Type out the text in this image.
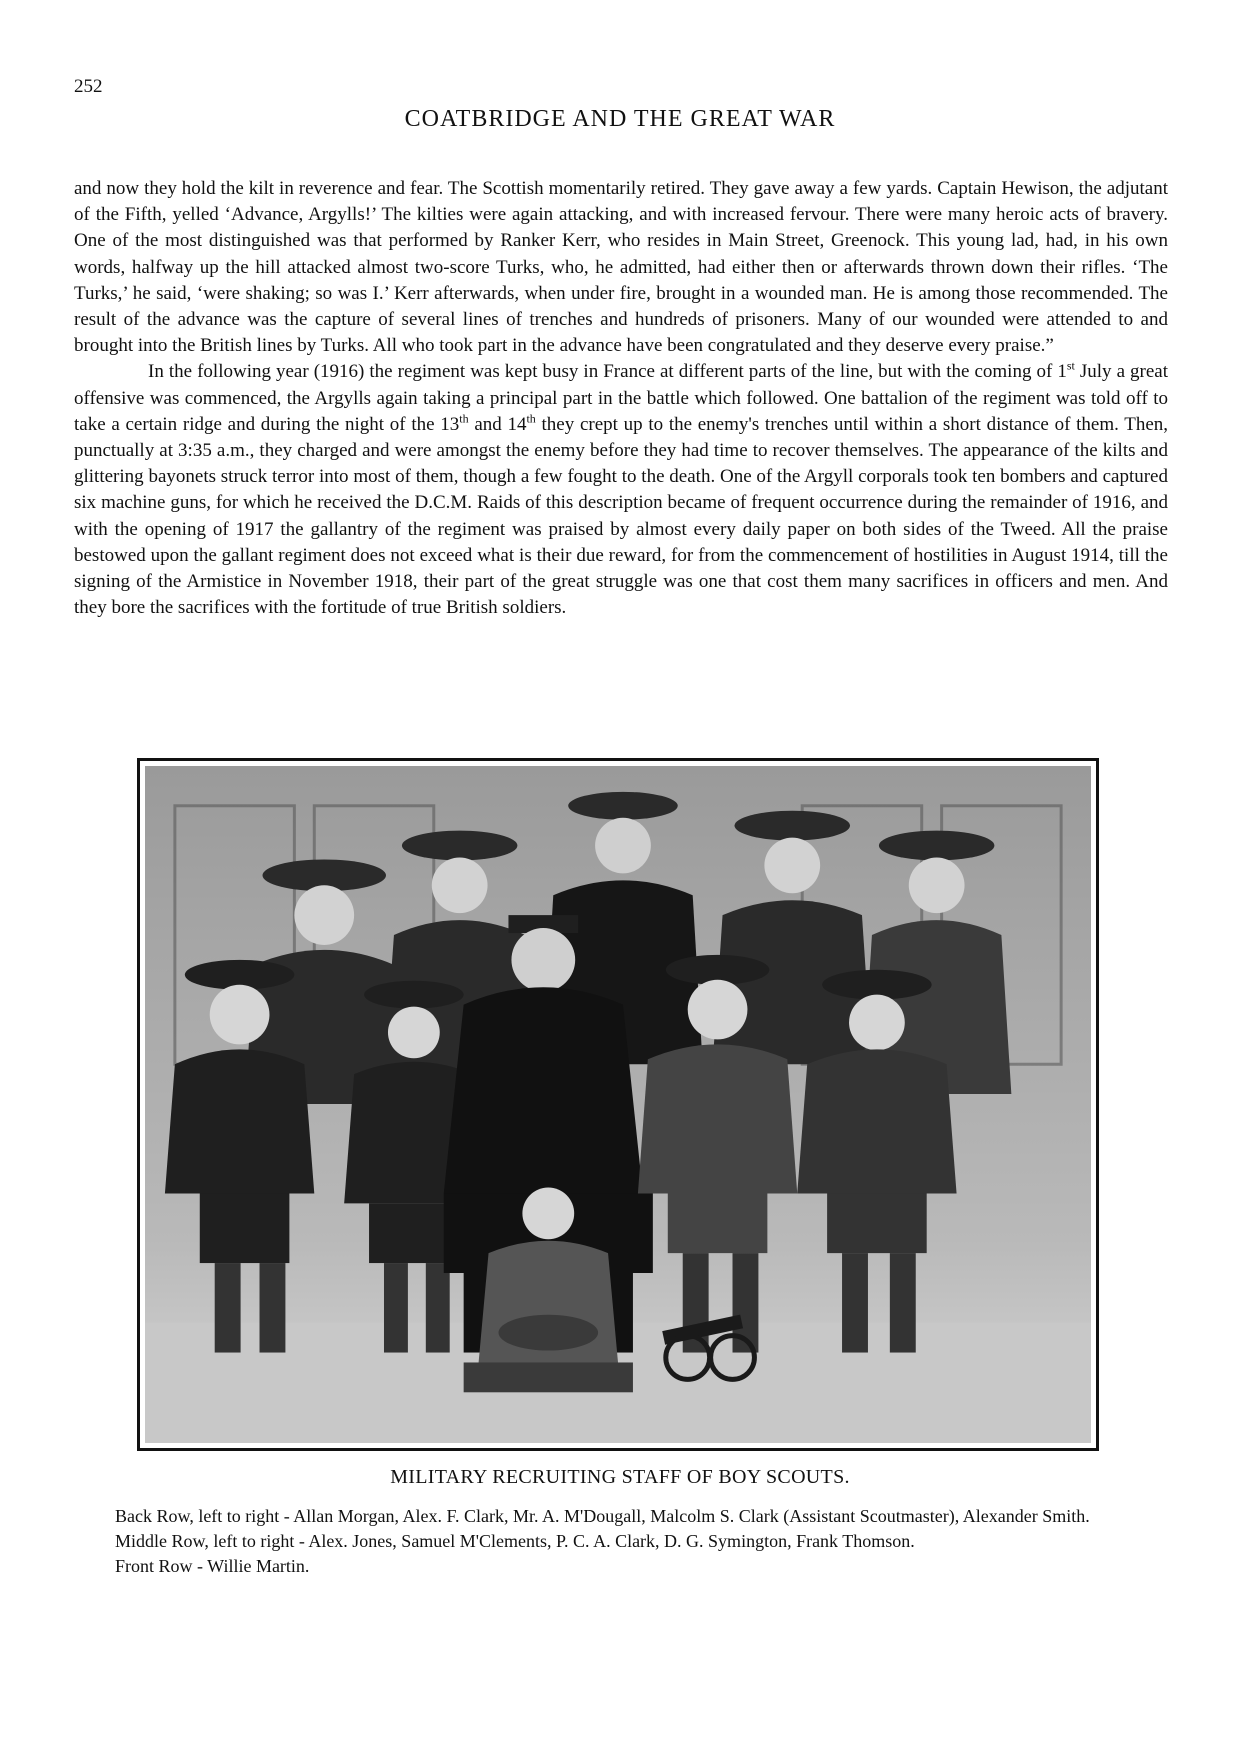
252
COATBRIDGE AND THE GREAT WAR

and now they hold the kilt in reverence and fear. The Scottish momentarily retired. They gave away a few yards. Captain Hewison, the adjutant of the Fifth, yelled ‘Advance, Argylls!’ The kilties were again attacking, and with increased fervour. There were many heroic acts of bravery. One of the most distinguished was that performed by Ranker Kerr, who resides in Main Street, Greenock. This young lad, had, in his own words, halfway up the hill attacked almost two-score Turks, who, he admitted, had either then or afterwards thrown down their rifles. ‘The Turks,’ he said, ‘were shaking; so was I.’ Kerr afterwards, when under fire, brought in a wounded man. He is among those recommended. The result of the advance was the capture of several lines of trenches and hundreds of prisoners. Many of our wounded were attended to and brought into the British lines by Turks. All who took part in the advance have been congratulated and they deserve every praise.”

In the following year (1916) the regiment was kept busy in France at different parts of the line, but with the coming of 1st July a great offensive was commenced, the Argylls again taking a principal part in the battle which followed. One battalion of the regiment was told off to take a certain ridge and during the night of the 13th and 14th they crept up to the enemy's trenches until within a short distance of them. Then, punctually at 3:35 a.m., they charged and were amongst the enemy before they had time to recover themselves. The appearance of the kilts and glittering bayonets struck terror into most of them, though a few fought to the death. One of the Argyll corporals took ten bombers and captured six machine guns, for which he received the D.C.M. Raids of this description became of frequent occurrence during the remainder of 1916, and with the opening of 1917 the gallantry of the regiment was praised by almost every daily paper on both sides of the Tweed. All the praise bestowed upon the gallant regiment does not exceed what is their due reward, for from the commencement of hostilities in August 1914, till the signing of the Armistice in November 1918, their part of the great struggle was one that cost them many sacrifices in officers and men. And they bore the sacrifices with the fortitude of true British soldiers.

MILITARY RECRUITING STAFF OF BOY SCOUTS.

Back Row, left to right - Allan Morgan, Alex. F. Clark, Mr. A. M'Dougall, Malcolm S. Clark (Assistant Scoutmaster), Alexander Smith.

Middle Row, left to right - Alex. Jones, Samuel M'Clements, P. C. A. Clark, D. G. Symington, Frank Thomson.

Front Row - Willie Martin.
